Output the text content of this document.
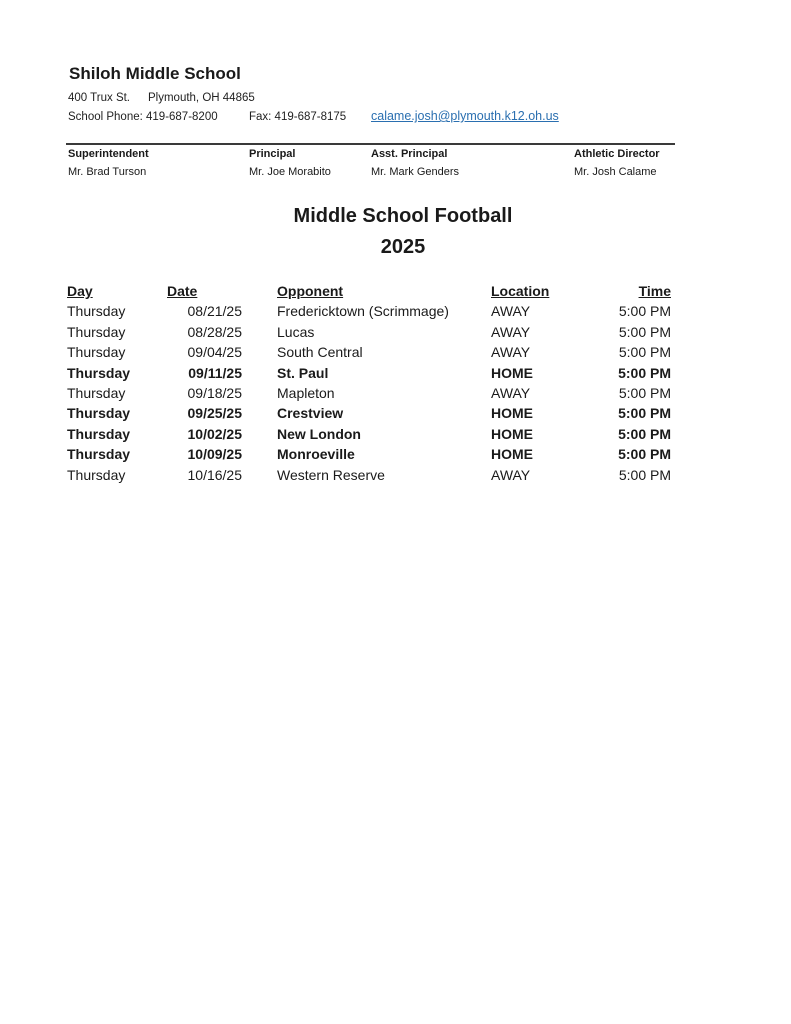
Shiloh Middle School
400 Trux St. Plymouth, OH 44865
School Phone: 419-687-8200	Fax: 419-687-8175 calame.josh@plymouth.k12.oh.us
Superintendent
Mr. Brad Turson
Principal
Mr. Joe Morabito
Asst. Principal
Mr. Mark Genders
Athletic Director
Mr. Josh Calame
Middle School Football
2025
Day	Date	Opponent	Location	Time
Thursday	08/21/25	Fredericktown (Scrimmage)	AWAY	5:00 PM
Thursday	08/28/25	Lucas	AWAY	5:00 PM
Thursday	09/04/25	South Central	AWAY	5:00 PM
Thursday	09/11/25	St. Paul	HOME	5:00 PM
Thursday	09/18/25	Mapleton	AWAY	5:00 PM
Thursday	09/25/25	Crestview	HOME	5:00 PM
Thursday	10/02/25	New London	HOME	5:00 PM
Thursday	10/09/25	Monroeville	HOME	5:00 PM
Thursday	10/16/25	Western Reserve	AWAY	5:00 PM
